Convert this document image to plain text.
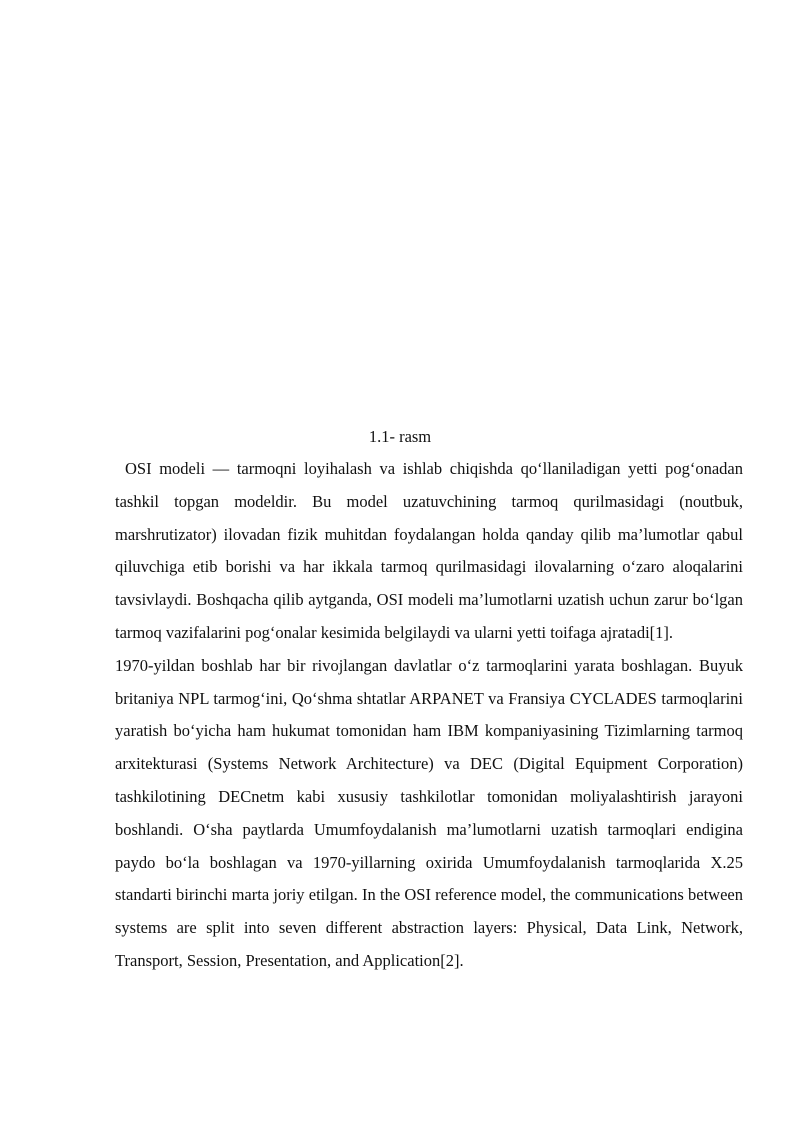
1.1- rasm

OSI modeli — tarmoqni loyihalash va ishlab chiqishda qo‘llaniladigan yetti pog‘onadan tashkil topgan modeldir. Bu model uzatuvchining tarmoq qurilmasidagi (noutbuk, marshrutizator) ilovadan fizik muhitdan foydalangan holda qanday qilib ma’lumotlar qabul qiluvchiga etib borishi va har ikkala tarmoq qurilmasidagi ilovalarning o‘zaro aloqalarini tavsivlaydi. Boshqacha qilib aytganda, OSI modeli ma’lumotlarni uzatish uchun zarur bo‘lgan tarmoq vazifalarini pog‘onalar kesimida belgilaydi va ularni yetti toifaga ajratadi[1].

1970-yildan boshlab har bir rivojlangan davlatlar o‘z tarmoqlarini yarata boshlagan. Buyuk britaniya NPL tarmog‘ini, Qo‘shma shtatlar ARPANET va Fransiya CYCLADES tarmoqlarini yaratish bo‘yicha ham hukumat tomonidan ham IBM kompaniyasining Tizimlarning tarmoq arxitekturasi (Systems Network Architecture) va DEC (Digital Equipment Corporation) tashkilotining DECnetm kabi xususiy tashkilotlar tomonidan moliyalashtirish jarayoni boshlandi. O‘sha paytlarda Umumfoydalanish ma’lumotlarni uzatish tarmoqlari endigina paydo bo‘la boshlagan va 1970-yillarning oxirida Umumfoydalanish tarmoqlarida X.25 standarti birinchi marta joriy etilgan. In the OSI reference model, the communications between systems are split into seven different abstraction layers: Physical, Data Link, Network, Transport, Session, Presentation, and Application[2].
